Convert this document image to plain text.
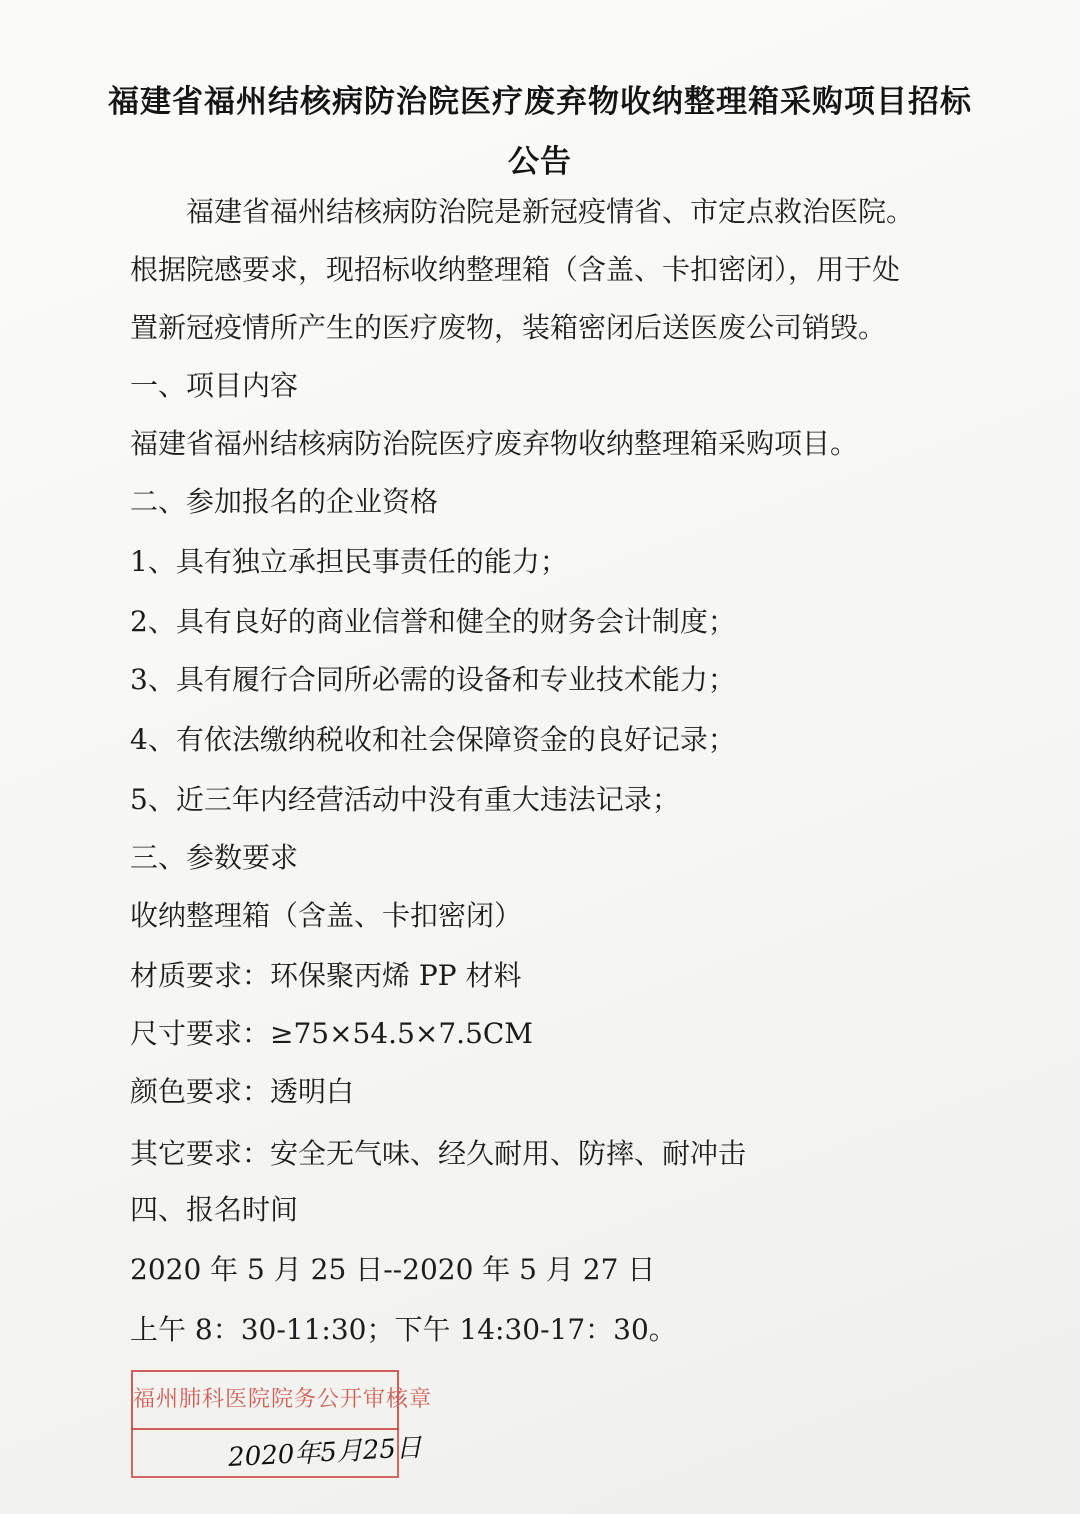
福建省福州结核病防治院医疗废弃物收纳整理箱采购项目招标
公告
　　福建省福州结核病防治院是新冠疫情省、市定点救治医院。
根据院感要求，现招标收纳整理箱（含盖、卡扣密闭），用于处
置新冠疫情所产生的医疗废物，装箱密闭后送医废公司销毁。
一、项目内容
福建省福州结核病防治院医疗废弃物收纳整理箱采购项目。
二、参加报名的企业资格
1、具有独立承担民事责任的能力；
2、具有良好的商业信誉和健全的财务会计制度；
3、具有履行合同所必需的设备和专业技术能力；
4、有依法缴纳税收和社会保障资金的良好记录；
5、近三年内经营活动中没有重大违法记录；
三、参数要求
收纳整理箱（含盖、卡扣密闭）
材质要求：环保聚丙烯 PP 材料
尺寸要求：≥75×54.5×7.5CM
颜色要求：透明白
其它要求：安全无气味、经久耐用、防摔、耐冲击
四、报名时间
2020 年 5 月 25 日--2020 年 5 月 27 日
上午 8：30-11:30；下午 14:30-17：30。
福州肺科医院院务公开审核章
2020年5月25日
